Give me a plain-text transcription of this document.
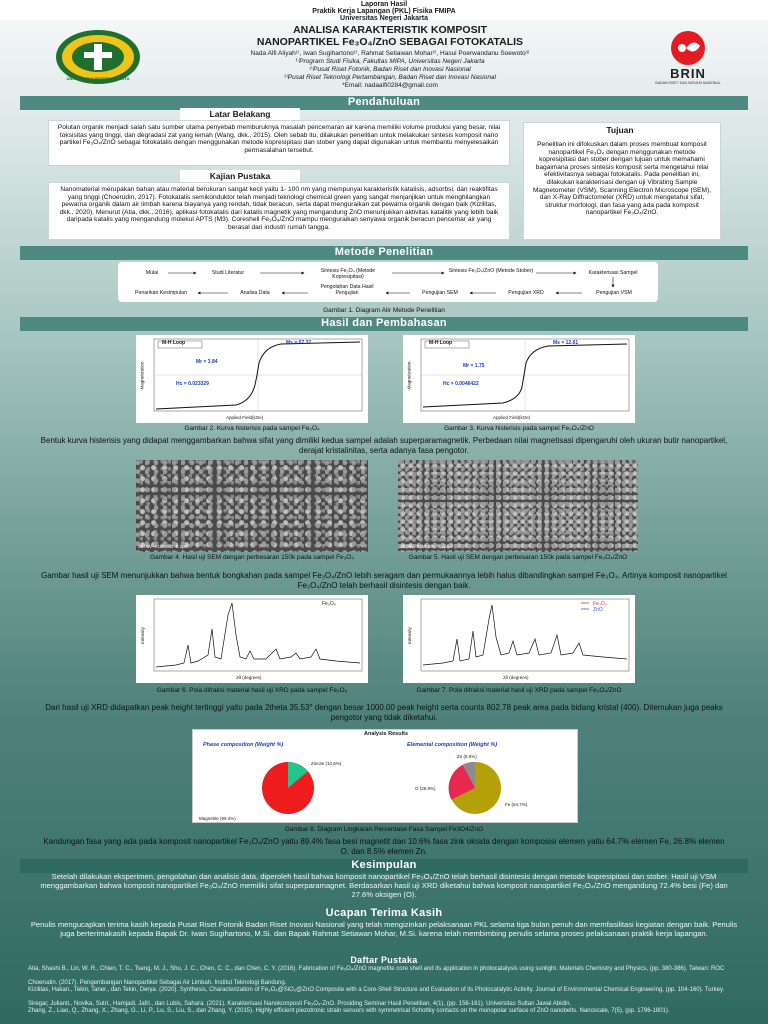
Laporan Hasil
Praktik Kerja Lapangan (PKL) Fisika FMIPA
Universitas Negeri Jakarta
UNIVERSITAS NEGERI JAKARTA	BRIN
BADAN RISET DAN INOVASI NASIONAL
ANALISA KARAKTERISTIK KOMPOSIT
NANOPARTIKEL Fe₃O₄/ZnO SEBAGAI FOTOKATALIS
Nada Alfi Aliyah¹⁾, Iwan Sugihartono¹⁾, Rahmat Setiawan Mohar²⁾, Hasui Poerwandanu Soewoto³⁾
¹⁾Program Studi Fisika, Fakultas MIPA, Universitas Negeri Jakarta
²⁾Pusat Riset Fotonik, Badan Riset dan Inovasi Nasional
³⁾Pusat Riset Teknologi Pertambangan, Badan Riset dan Inovasi Nasional
*Email: nadaalfi0284@gmail.com
Pendahuluan
Latar Belakang
Polutan organik menjadi salah satu sumber utama penyebab memburuknya masalah pencemaran air karena memiliki volume produksi yang besar, nilai toksisitas yang tinggi, dan degradasi zat yang lemah (Wang, dkk., 2015). Oleh sebab itu, dilakukan penelitian untuk melakukan sintesis komposit nano partikel Fe₃O₄/ZnO sebagai fotokatalis dengan menggunakan metode kopresipitasi dan stober yang dapat digunakan untuk membantu menyelesaikan permasalahan tersebut.
Kajian Pustaka
Nanomaterial merupakan bahan atau material berukuran sangat kecil yaitu 1- 100 nm yang mempunyai karakteristik katalisis, adsorbsi, dan reaktifitas yang tinggi (Choerudin, 2017). Fotokatalis semikonduktor telah menjadi teknologi chemical green yang sangat menjanjikan untuk menghilangkan pewarna organik dalam air limbah karena biayanya yang rendah, tidak beracun, serta dapat menguraikan zat pewarna organik dengan baik (Kizilitas, dkk., 2020). Menurut (Atia, dkk., 2016), aplikasi fotokatalis dari katalis magnetik yang mengandung ZnO menunjukkan aktivitas katalitik yang lebih baik daripada katalis yang mengandung molekul APTS (M3). Coreshell Fe₃O₄/ZnO mampu menguraikan senyawa organik beracun pencemar air yang berasal dari industri rumah tangga.
Penelitian ini difokuskan dalam proses membuat komposit nanopartikel Fe₃O₄ dengan menggunakan metode kopresipitasi dan stober dengan tujuan untuk memahami bagaimana proses sintesis komposit serta mengetahui nilai efektivitasnya sebagai fotokatalis. Pada penelitian ini, dilakukan karakterisasi dengan uji Vibrating Sample Magnetometer (VSM), Scanning Electron Microscope (SEM), dan X-Ray Diffractometer (XRD) untuk mengetahui sifat, struktur morfologi, dan fasa yang ada pada komposit nanopartikel Fe₃O₄/ZnO.
Tujuan
Metode Penelitian
Mulai	Studi Literatur	Sintesis Fe₃O₄ (Metode Kopresipitasi)
Sintesis Fe₃O₄/ZnO (Metode Stober)	Karakterisasi Sampel
Pengujian VSM
Pengujian XRD
Pengujian SEM
Pengolahan Data Hasil Pengujian
Analisa Data
Penarikan Kesimpulan
Gambar 1. Diagram Alir Metode Penelitian
Hasil dan Pembahasan
M-H Loop	Ms = 67.37
Mr = 3.84
Hc = 0.023329
Applied Field(kOe)
Magnetization
Gambar 2. Kurva histerisis pada sampel Fe₃O₄
M-H Loop	Ms = 12.61
Mr = 1.75
Hc = 0.0046422
Applied Field(kOe)
Magnetization
Gambar 3. Kurva histerisis pada sampel Fe₃O₄/ZnO
Bentuk kurva histerisis yang didapat menggambarkan bahwa sifat yang dimiliki kedua sampel adalah superparamagnetik. Perbedaan nilai magnetisasi dipengaruhi oleh ukuran butir nanopartikel, derajat kristalinitas, serta adanya fasa pengotor.
15.0kV  ×150,000  0.1μm
Gambar 4. Hasil uji SEM dengan perbesaran 150k pada sampel Fe₃O₄
15.0kV  ×150,000  0.1μm
Gambar 5. Hasil uji SEM dengan perbesaran 150k pada sampel Fe₃O₄/ZnO
Gambar hasil uji SEM menunjukkan bahwa bentuk bongkahan pada sampel Fe₃O₄/ZnO lebih seragam dan permukaannya lebih halus dibandingkan sampel Fe₃O₄. Artinya komposit nanopartikel Fe₃O₄/ZnO telah berhasil disintesis dengan baik.
Fe₃O₄
2θ (degrees)
Intensity
Gambar 6. Pola difraksi material hasil uji XRD pada sampel Fe₃O₄
Fe₃O₄
ZnO
2θ (degrees)
Intensity
Gambar 7. Pola difraksi material hasil uji XRD pada sampel Fe₃O₄/ZnO
Dari hasil uji XRD didapatkan peak height tertinggi yaitu pada 2theta 35.53° dengan besar 1000.00 peak height serta counts 802.78 peak area pada bidang kristal (400). Ditemukan juga peaks pengotor yang tidak diketahui.
Analysis Results
Phase composition (Weight %)	Elemental composition (Weight %)
Zincite (10.6%)
Magnetite (89.4%)
Zn (8.5%)
O (26.8%)
Fe (64.7%)
Gambar 8. Diagram Lingkaran Persentase Fasa Sampel Fe3O4/ZnO
Kandungan fasa yang ada pada komposit nanopartikel Fe₃O₄/ZnO yaitu 89.4% fasa besi magnetit dan 10.6% fasa zink oksida dengan komposisi elemen yaitu 64.7% elemen Fe, 26.8% elemen O, dan 8.5% elemen Zn.
Kesimpulan
Setelah dilakukan eksperimen, pengolahan dan analisis data, diperoleh hasil bahwa komposit nanopartikel Fe₃O₄/ZnO telah berhasil disintesis dengan metode kopresipitasi dan stober. Hasil uji VSM menggambarkan bahwa komposit nanopartikel Fe₃O₄/ZnO memiliki sifat superparamagnet. Berdasarkan hasil uji XRD diketahui bahwa komposit nanopartikel Fe₃O₄/ZnO mengandung 72.4% besi (Fe) dan 27.6% oksigen (O).
Ucapan Terima Kasih
Penulis mengucapkan terima kasih kepada Pusat Riset Fotonik Badan Riset Inovasi Nasional yang telah mengizinkan pelaksanaan PKL selama tiga bulan penuh dan memfasilitasi kegiatan dengan baik. Penulis juga berterimakasih kepada Bapak Dr. Iwan Sugihartono, M.Si. dan Bapak Rahmat Setiawan Mohar, M.Si. karena telah membimbing penulis selama proses pelaksanaan praktik kerja lapangan.
Daftar Pustaka
Atia, Shashi B., Lin, W. R., Chien, T. C., Tseng, M. J., Shu, J. C., Chen, C. C., dan Chen, C. Y. (2016). Fabrication of Fe₃O₄/ZnO magnetite core shell and its application in photocatalysis using sunlight. Materials Chemistry and Physics, (pp. 380-386). Taiwan: ROC
Choerudin. (2017). Pengembangan Nanopartikel Sebagai Air Limbah. Institut Teknologi Bandung.
Kizilitas, Hakan., Tekin, Taner., dan Tekin, Derya. (2020). Synthesis, Characterization of Fe₃O₄@SiO₂@ZnO Composite with a Core-Shell Structure and Evaluation of its Photocatalytic Activity. Journal of Environmental Chemical Engineering, (pp. 104-160). Turkey.
Siregar, Julianti., Novika, Sutri., Hamjadi, Jafri., dan Lubis, Sahara. (2021). Karakterisasi Nanokomposit Fe₃O₄-ZnO. Prosiding Seminar Hasil Penelitian, 4(1), (pp. 156-161). Universitas Sultan Jawal Abidin.
Zhang, Z., Liao, Q., Zhang, X., Zhang, G., Li, P., Lu, S., Liu, S., dan Zhang, Y. (2015). Highly efficient piezotronic strain sensors with symmetrical Schottky contacts on the monopolar surface of ZnO nanobelts. Nanoscale, 7(5), (pp. 1796-1801).
